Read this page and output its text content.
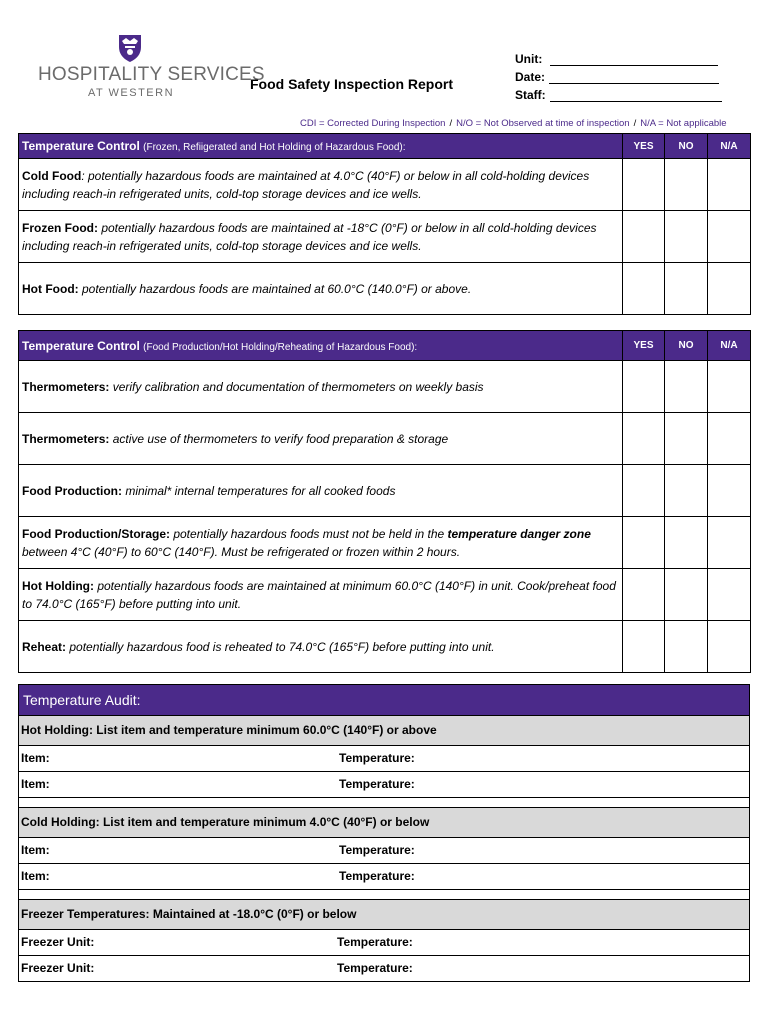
HOSPITALITY SERVICES
AT WESTERN
Food Safety Inspection Report
Unit:
Date:
Staff:
CDI = Corrected During Inspection / N/O = Not Observed at time of inspection / N/A = Not applicable
Temperature Control (Frozen, Refiigerated and Hot Holding of Hazardous Food):	YES	NO	N/A
Cold Food: potentially hazardous foods are maintained at 4.0°C (40°F) or below in all cold-holding devices including reach-in refrigerated units, cold-top storage devices and ice wells.			
Frozen Food: potentially hazardous foods are maintained at -18°C (0°F) or below in all cold-holding devices including reach-in refrigerated units, cold-top storage devices and ice wells.			
Hot Food: potentially hazardous foods are maintained at 60.0°C (140.0°F) or above.			
Temperature Control (Food Production/Hot Holding/Reheating of Hazardous Food):	YES	NO	N/A
Thermometers: verify calibration and documentation of thermometers on weekly basis			
Thermometers: active use of thermometers to verify food preparation & storage			
Food Production: minimal* internal temperatures for all cooked foods			
Food Production/Storage: potentially hazardous foods must not be held in the temperature danger zone between 4°C (40°F) to 60°C (140°F). Must be refrigerated or frozen within 2 hours.			
Hot Holding: potentially hazardous foods are maintained at minimum 60.0°C (140°F) in unit. Cook/preheat food to 74.0°C (165°F) before putting into unit.			
Reheat: potentially hazardous food is reheated to 74.0°C (165°F) before putting into unit.			
Temperature Audit:
Hot Holding: List item and temperature minimum 60.0°C (140°F) or above
Item:	Temperature:
Item:	Temperature:
Cold Holding: List item and temperature minimum 4.0°C (40°F) or below
Item:	Temperature:
Item:	Temperature:
Freezer Temperatures: Maintained at -18.0°C (0°F) or below
Freezer Unit:	Temperature:
Freezer Unit:	Temperature:
